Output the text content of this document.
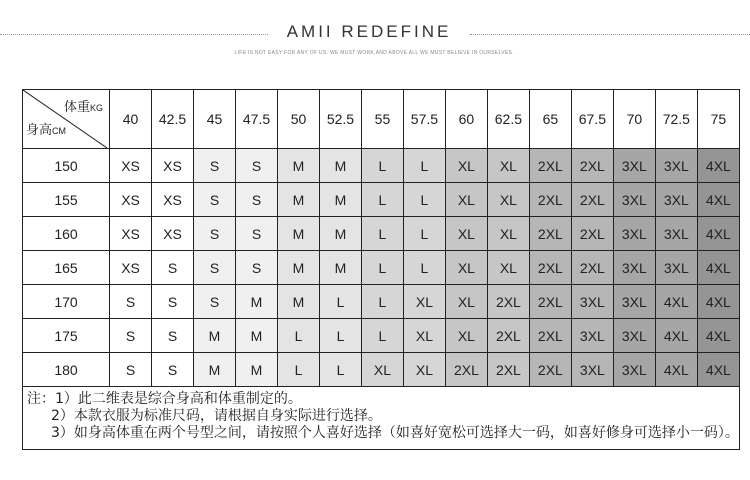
AMII REDEFINE
LIFE IS NOT EASY FOR ANY OF US. WE MUST WORK,AND ABOVE ALL WE MUST BELIEVE IN OURSELVES .
体重KG
身高CM	40	42.5	45	47.5	50	52.5	55	57.5	60	62.5	65	67.5	70	72.5	75
150	XS	XS	S	S	M	M	L	L	XL	XL	2XL	2XL	3XL	3XL	4XL
155	XS	XS	S	S	M	M	L	L	XL	XL	2XL	2XL	3XL	3XL	4XL
160	XS	XS	S	S	M	M	L	L	XL	XL	2XL	2XL	3XL	3XL	4XL
165	XS	S	S	S	M	M	L	L	XL	XL	2XL	2XL	3XL	3XL	4XL
170	S	S	S	M	M	L	L	XL	XL	2XL	2XL	3XL	3XL	4XL	4XL
175	S	S	M	M	L	L	L	XL	XL	2XL	2XL	3XL	3XL	4XL	4XL
180	S	S	M	M	L	L	XL	XL	2XL	2XL	2XL	3XL	3XL	4XL	4XL

注：1）此二维表是综合身高和体重制定的。
2）本款衣服为标准尺码，请根据自身实际进行选择。
3）如身高体重在两个号型之间，请按照个人喜好选择（如喜好宽松可选择大一码，如喜好修身可选择小一码）。															
